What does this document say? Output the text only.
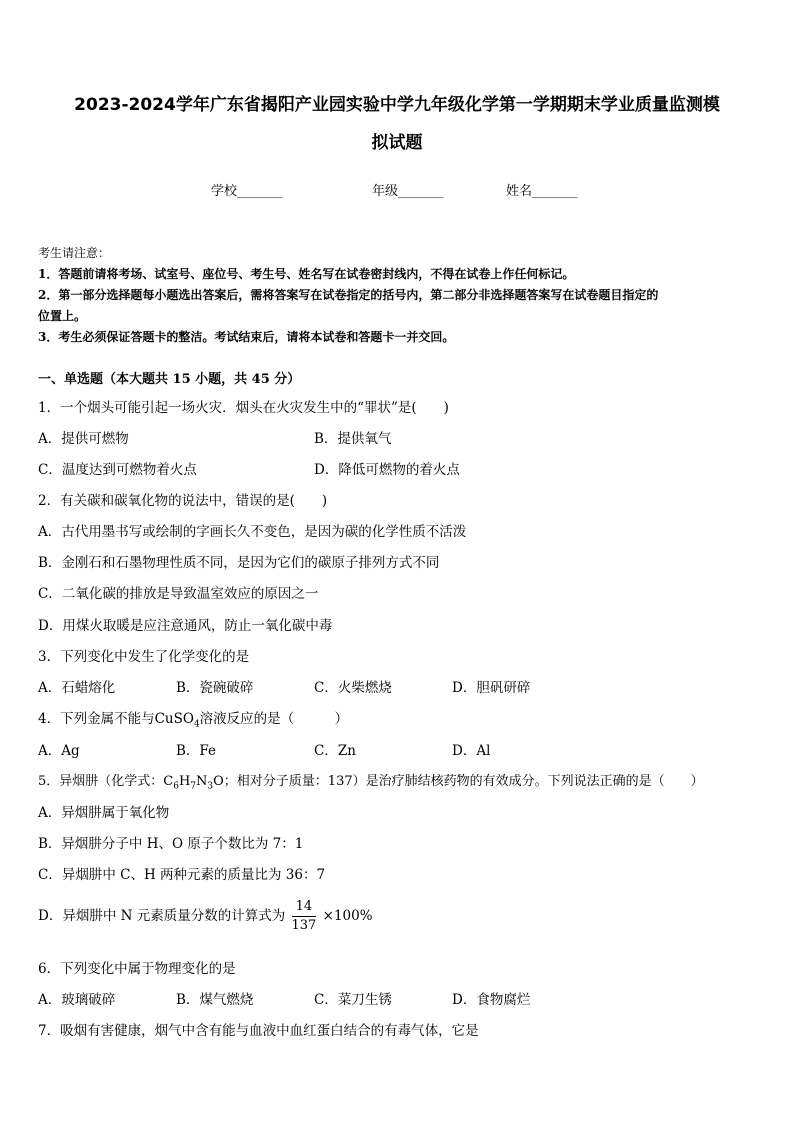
2023-2024学年广东省揭阳产业园实验中学九年级化学第一学期期末学业质量监测模
拟试题
学校_______	年级_______	姓名_______
考生请注意：
1．答题前请将考场、试室号、座位号、考生号、姓名写在试卷密封线内，不得在试卷上作任何标记。
2．第一部分选择题每小题选出答案后，需将答案写在试卷指定的括号内，第二部分非选择题答案写在试卷题目指定的
位置上。
3．考生必须保证答题卡的整洁。考试结束后，请将本试卷和答题卡一并交回。
一、单选题（本大题共 15 小题，共 45 分）
1．一个烟头可能引起一场火灾．烟头在火灾发生中的“罪状”是(　　)
A．提供可燃物	B．提供氧气
C．温度达到可燃物着火点	D．降低可燃物的着火点
2．有关碳和碳氧化物的说法中，错误的是(　　)
A．古代用墨书写或绘制的字画长久不变色，是因为碳的化学性质不活泼
B．金刚石和石墨物理性质不同，是因为它们的碳原子排列方式不同
C．二氧化碳的排放是导致温室效应的原因之一
D．用煤火取暖是应注意通风，防止一氧化碳中毒
3．下列变化中发生了化学变化的是
A．石蜡熔化	B．瓷碗破碎	C．火柴燃烧	D．胆矾研碎
4．下列金属不能与CuSO$_4$溶液反应的是（　　　）
A．Ag	B．Fe	C．Zn	D．Al
5．异烟肼（化学式：$C_6H_7N_3O$；相对分子质量：137）是治疗肺结核药物的有效成分。下列说法正确的是（　　）
A．异烟肼属于氧化物
B．异烟肼分子中 H、O 原子个数比为 7：1
C．异烟肼中 C、H 两种元素的质量比为 36：7
D．异烟肼中 N 元素质量分数的计算式为 $\frac{14}{137} \times 100\%$
6．下列变化中属于物理变化的是
A．玻璃破碎	B．煤气燃烧	C．菜刀生锈	D．食物腐烂
7．吸烟有害健康，烟气中含有能与血液中血红蛋白结合的有毒气体，它是
